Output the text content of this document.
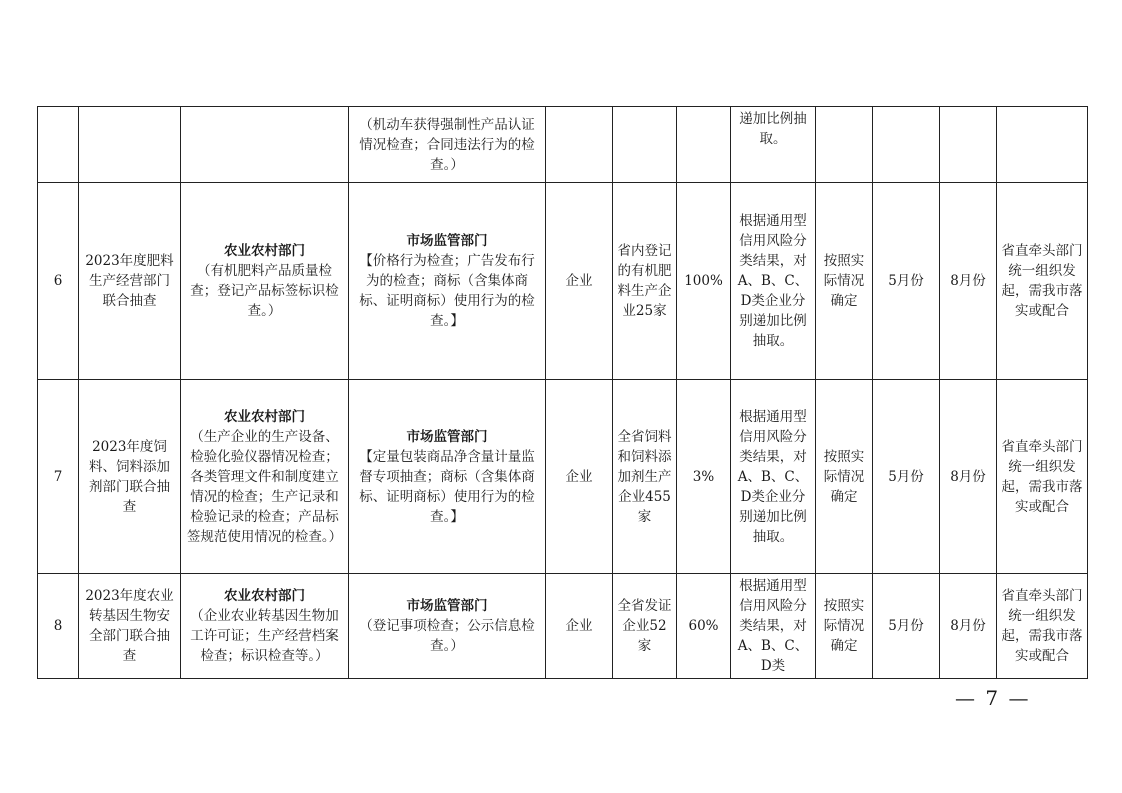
			（机动车获得强制性产品认证情况检查；合同违法行为的检查。）				递加比例抽取。				
6	2023年度肥料生产经营部门联合抽查	农业农村部门
（有机肥料产品质量检查；登记产品标签标识检查。）	市场监管部门
【价格行为检查；广告发布行为的检查；商标（含集体商标、证明商标）使用行为的检查。】	企业	省内登记的有机肥料生产企业25家	100%	根据通用型信用风险分类结果，对A、B、C、D类企业分别递加比例抽取。	按照实际情况确定	5月份	8月份	省直牵头部门统一组织发起，需我市落实或配合
7	2023年度饲料、饲料添加剂部门联合抽查	农业农村部门
（生产企业的生产设备、检验化验仪器情况检查；各类管理文件和制度建立情况的检查；生产记录和检验记录的检查；产品标签规范使用情况的检查。）	市场监管部门
【定量包装商品净含量计量监督专项抽查；商标（含集体商标、证明商标）使用行为的检查。】	企业	全省饲料和饲料添加剂生产企业455家	3%	根据通用型信用风险分类结果，对A、B、C、D类企业分别递加比例抽取。	按照实际情况确定	5月份	8月份	省直牵头部门统一组织发起，需我市落实或配合
8	2023年度农业转基因生物安全部门联合抽查	农业农村部门
（企业农业转基因生物加工许可证；生产经营档案检查；标识检查等。）	市场监管部门
（登记事项检查；公示信息检查。）	企业	全省发证企业52家	60%	根据通用型信用风险分类结果，对A、B、C、D类	按照实际情况确定	5月份	8月份	省直牵头部门统一组织发起，需我市落实或配合
— 7 —
